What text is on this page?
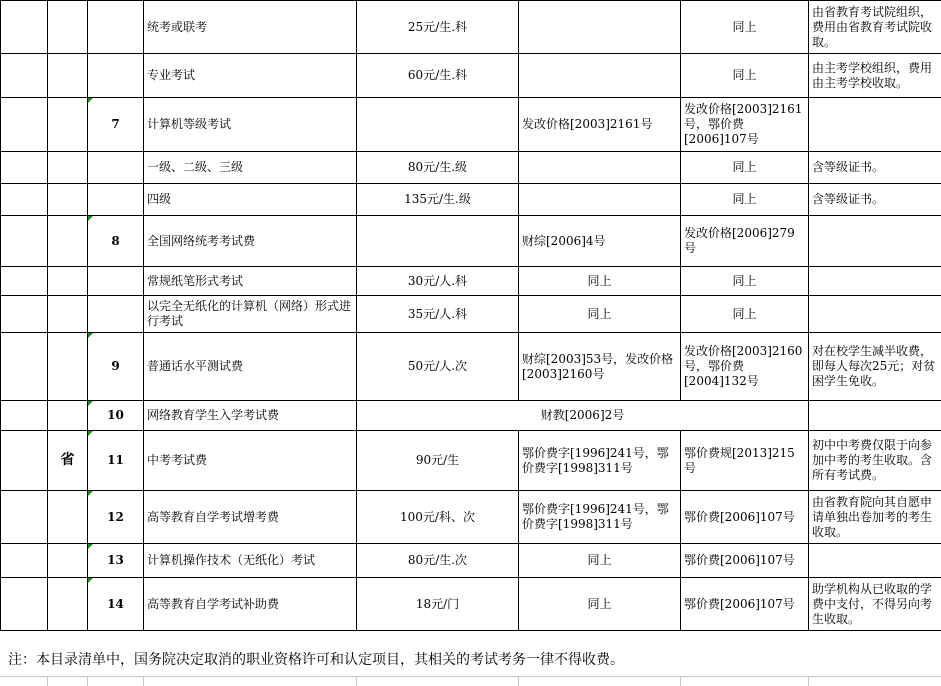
			统考或联考	25元/生.科		同上	由省教育考试院组织，费用由省教育考试院收取。	
			专业考试	60元/生.科		同上	由主考学校组织，费用由主考学校收取。	
		7	计算机等级考试		发改价格[2003]2161号	发改价格[2003]2161号，鄂价费[2006]107号		
			一级、二级、三级	80元/生.级		同上	含等级证书。	
			四级	135元/生.级		同上	含等级证书。	
		8	全国网络统考考试费		财综[2006]4号	发改价格[2006]279号		
			常规纸笔形式考试	30元/人.科	同上	同上		
			以完全无纸化的计算机（网络）形式进行考试	35元/人.科	同上	同上		
		9	普通话水平测试费	50元/人.次	财综[2003]53号，发改价格[2003]2160号	发改价格[2003]2160号，鄂价费[2004]132号	对在校学生减半收费，即每人每次25元；对贫困学生免收。	
		10	网络教育学生入学考试费	财教[2006]2号				
	省	11	中考考试费	90元/生	鄂价费字[1996]241号，鄂价费字[1998]311号	鄂价费规[2013]215号	初中中考费仅限于向参加中考的考生收取。含所有考试费。	
		12	高等教育自学考试增考费	100元/科、次	鄂价费字[1996]241号，鄂价费字[1998]311号	鄂价费[2006]107号	由省教育院向其自愿申请单独出卷加考的考生收取。	
		13	计算机操作技术（无纸化）考试	80元/生.次	同上	鄂价费[2006]107号		
		14	高等教育自学考试补助费	18元/门	同上	鄂价费[2006]107号	助学机构从已收取的学费中支付，不得另向考生收取。	
注：本目录清单中，国务院决定取消的职业资格许可和认定项目，其相关的考试考务一律不得收费。
